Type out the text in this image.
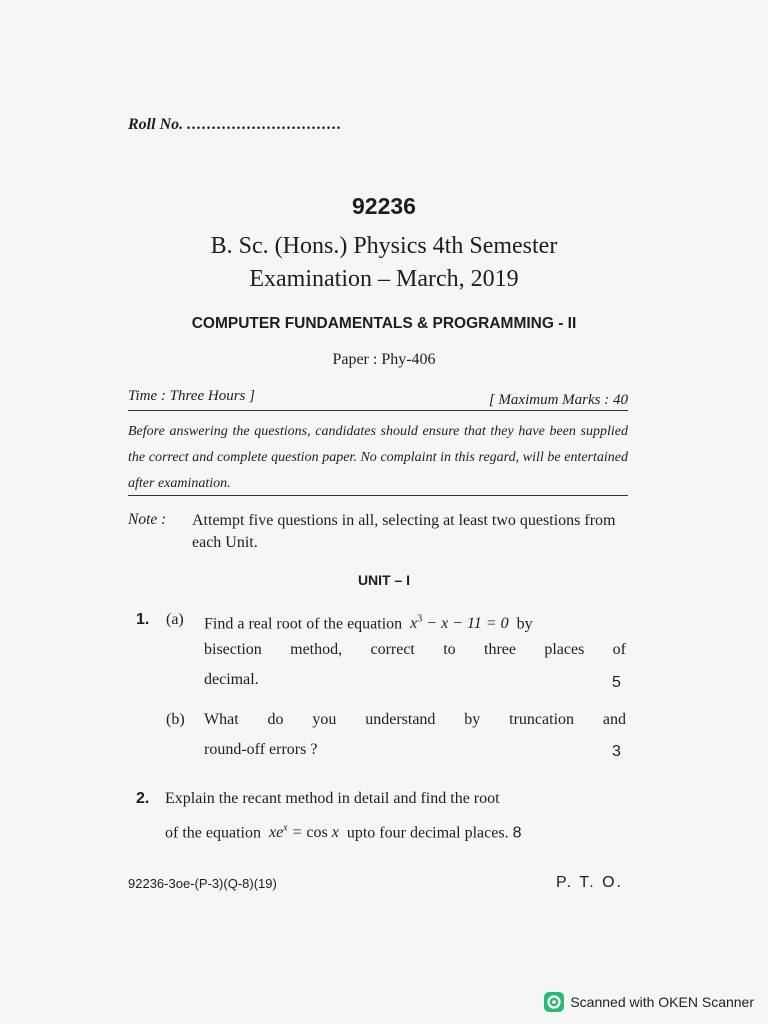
Roll No. ...............................
92236
B. Sc. (Hons.) Physics 4th Semester
Examination – March, 2019
COMPUTER FUNDAMENTALS & PROGRAMMING - II
Paper : Phy-406
Time : Three Hours ]	[ Maximum Marks : 40
Before answering the questions, candidates should ensure that they have been supplied the correct and complete question paper. No complaint in this regard, will be entertained after examination.
Note : Attempt five questions in all, selecting at least two questions from each Unit.
UNIT – I
1. (a) Find a real root of the equation  $x^3 - x - 11 = 0$  by
bisection method, correct to three places of
decimal.	5
(b) What do you understand by truncation and
round-off errors ?	3
2. Explain the recant method in detail and find the root
of the equation  $xe^x = \cos x$  upto four decimal places. 8
92236-3oe-(P-3)(Q-8)(19)	P. T. O.
Scanned with OKEN Scanner
